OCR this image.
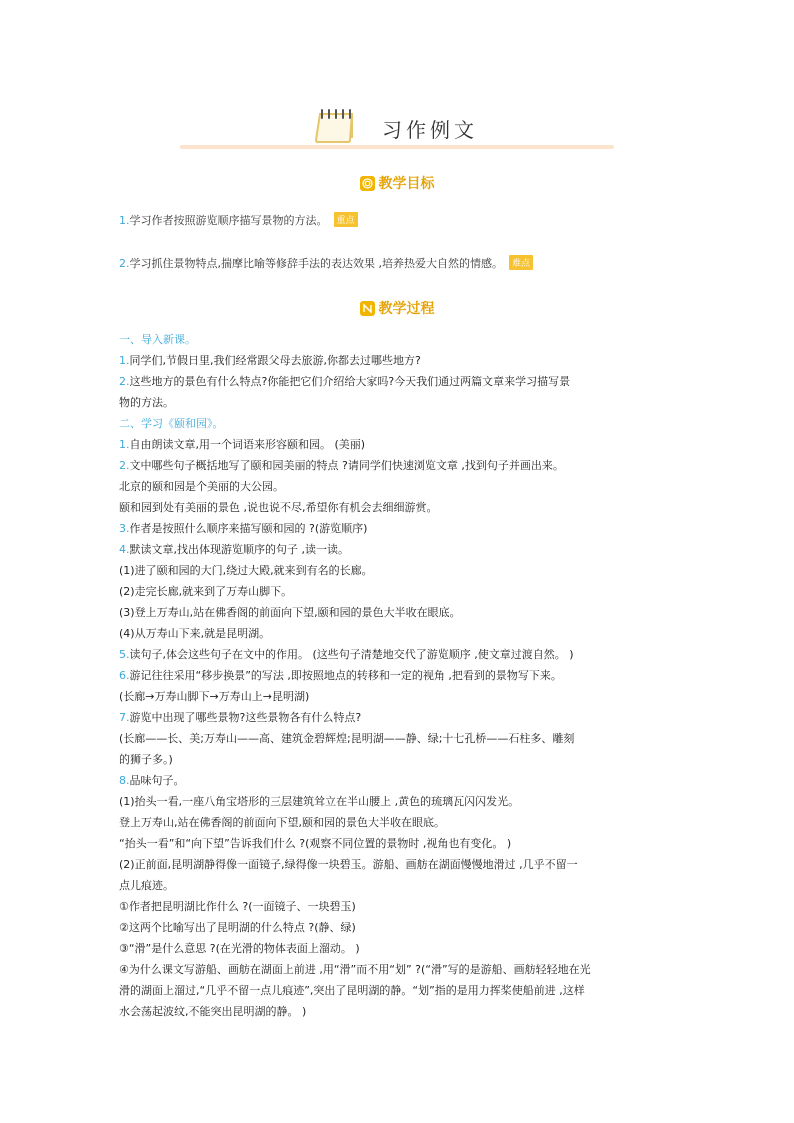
习作例文
教学目标
1.学习作者按照游览顺序描写景物的方法。 重点
2.学习抓住景物特点,揣摩比喻等修辞手法的表达效果 ,培养热爱大自然的情感。 难点
教学过程
一、导入新课。
1.同学们,节假日里,我们经常跟父母去旅游,你都去过哪些地方?
2.这些地方的景色有什么特点?你能把它们介绍给大家吗?今天我们通过两篇文章来学习描写景
物的方法。
二、学习《颐和园》。
1.自由朗读文章,用一个词语来形容颐和园。 (美丽)
2.文中哪些句子概括地写了颐和园美丽的特点 ?请同学们快速浏览文章 ,找到句子并画出来。
北京的颐和园是个美丽的大公园。
颐和园到处有美丽的景色 ,说也说不尽,希望你有机会去细细游赏。
3.作者是按照什么顺序来描写颐和园的 ?(游览顺序)
4.默读文章,找出体现游览顺序的句子 ,读一读。
(1)进了颐和园的大门,绕过大殿,就来到有名的长廊。
(2)走完长廊,就来到了万寿山脚下。
(3)登上万寿山,站在佛香阁的前面向下望,颐和园的景色大半收在眼底。
(4)从万寿山下来,就是昆明湖。
5.读句子,体会这些句子在文中的作用。 (这些句子清楚地交代了游览顺序 ,使文章过渡自然。 )
6.游记往往采用“移步换景”的写法 ,即按照地点的转移和一定的视角 ,把看到的景物写下来。
(长廊→万寿山脚下→万寿山上→昆明湖)
7.游览中出现了哪些景物?这些景物各有什么特点?
(长廊——长、美;万寿山——高、建筑金碧辉煌;昆明湖——静、绿;十七孔桥——石柱多、雕刻
的狮子多。)
8.品味句子。
(1)抬头一看,一座八角宝塔形的三层建筑耸立在半山腰上 ,黄色的琉璃瓦闪闪发光。
登上万寿山,站在佛香阁的前面向下望,颐和园的景色大半收在眼底。
“抬头一看”和“向下望”告诉我们什么 ?(观察不同位置的景物时 ,视角也有变化。 )
(2)正前面,昆明湖静得像一面镜子,绿得像一块碧玉。游船、画舫在湖面慢慢地滑过 ,几乎不留一
点儿痕迹。
①作者把昆明湖比作什么 ?(一面镜子、一块碧玉)
②这两个比喻写出了昆明湖的什么特点 ?(静、绿)
③“滑”是什么意思 ?(在光滑的物体表面上溜动。 )
④为什么课文写游船、画舫在湖面上前进 ,用“滑”而不用“划” ?(“滑”写的是游船、画舫轻轻地在光
滑的湖面上溜过,“几乎不留一点儿痕迹”,突出了昆明湖的静。“划”指的是用力挥桨使船前进 ,这样
水会荡起波纹,不能突出昆明湖的静。 )
